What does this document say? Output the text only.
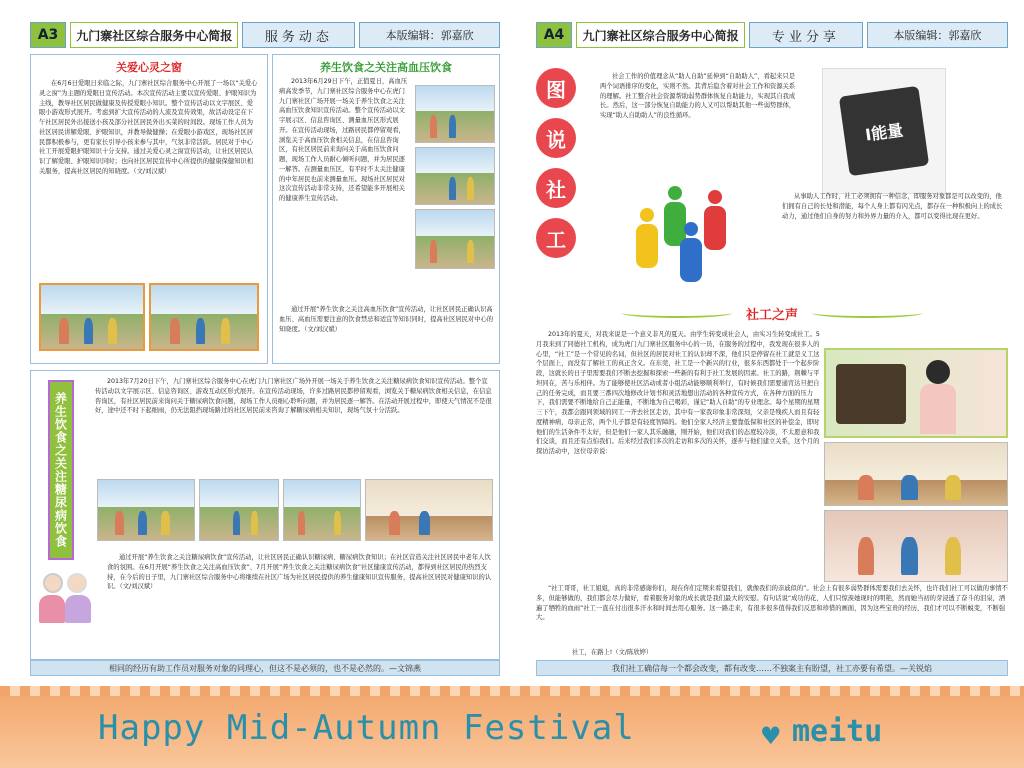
A3	九门寨社区综合服务中心简报	服务动态	本版编辑：郭嘉欣
关爱心灵之窗
在6月6日爱眼日来临之际，九门寨社区综合服务中心开展了一场以“关爱心灵之窗”为主题的爱眼日宣传活动。本次宣传活动主要以宣传爱眼、护眼知识为主线，教导社区居民做健康及传授爱眼小知识。整个宣传活动以文字展区、爱眼小游戏形式展开。考虑到扩大宣传活动的人流及宣传效果，故活动设定在下午社区居民外出接送小孩及部分社区居民外出买菜的时间段。现场工作人员为社区居民讲解爱眼、护眼知识，并教导做健操；在爱眼小游戏区，现场社区居民都积极参与，更有家长引导小孩来参与其中，气氛非常活跃。居民对于中心社工开展爱眼护眼知识十分支持。通过关爱心灵之窗宣传活动，让社区居民认识了解爱眼、护眼知识同时；也向社区居民宣传中心所提供的健康保健知识相关服务，提高社区居民的知晓度。（文/刘汉斌）
养生饮食之关注高血压饮食
2013年6月29日下午，正值夏日，高血压病高发季节，九门寨社区综合服务中心在虎门九门寨社区广场开展一场关于养生饮食之关注高血压饮食知识宣传活动。整个宣传活动以文字展示区、信息咨询区、测量血压区形式展开。在宣传活动现场，过路居民都停留观看，浏览关于高血压饮食相关信息，在信息咨询区，有社区居民前来询问关于高血压饮食问题，现场工作人员耐心倾听问题，并为居民逐一解答。在测量血压区，有平时不太关注健康的中年居民也前来测量血压。现场社区居民对这次宣传活动非常支持，还希望能多开展相关的健康养生宣传活动。
通过开展“养生饮食之关注高血压饮食”宣传活动，让社区居民正确认识高血压、高血压需要注意的饮食禁忌和适宜等知识同时，提高社区居民对中心的知晓度。（文/刘汉斌）
2013年7月20日下午，九门寨社区综合服务中心在虎门九门寨社区广场外开展一场关于养生饮食之关注糖尿病饮食知识宣传活动。整个宣传活动以文字展示区、信息咨询区、游戏互动区形式展开。在宣传活动现场，许多过路居民都停留观看，浏览关于糖尿病饮食相关信息，在信息咨询区，有社区居民前来询问关于糖尿病饮食问题，现场工作人员细心聆听问题，并为居民逐一解答。在活动开展过程中，即使天气情况不是很好，途中还不时下起细雨，仍无法阻挡现场路过的社区居民前来咨询了解糖尿病相关知识，现场气氛十分活跃。
通过开展“养生饮食之关注糖尿病饮食”宣传活动，让社区居民正确认识糖尿病、糖尿病饮食知识；在社区营造关注社区居民中老年人饮食的氛围。在6月开展“养生饮食之关注高血压饮食”、7月开展“养生饮食之关注糖尿病饮食”社区健康宣传活动，都得到社区居民的热烈支持，在今后的日子里，九门寨社区综合服务中心将继续在社区广场为社区居民提供的养生健康知识宣传服务，提高社区居民对健康知识的认识。（文/刘汉斌）
养生饮食之关注糖尿病饮食
相同的经历有助工作员对服务对象的同理心，但这不是必须的，也不是必然的。—文锦燕
A4	九门寨社区综合服务中心简报	专业分享	本版编辑：郭嘉欣
图
说
社
工
社会工作的价值理念从“助人自助”延伸到“自助助人”，看起来只是两个词语排序的变化，实则不然。其背后隐含着对社会工作和资源关系的理解。社工整合社会资源帮助弱势群体恢复自助能力，实现其自我成长。然后，这一部分恢复自助能力的人又可以帮助其他一些弱势群体，实现“助人自助助人”的良性循环。
I能量
从事助人工作时，社工必须拥有一种信念，即服务对象都是可以改变的，他们拥有自己的长处和潜能，每个人身上都有闪光点，都存在一种积极向上的成长动力，通过他们自身的努力和外界力量的介入，都可以变得比现在更好。
社工之声
2013年的夏天，对我来说是一个意义非凡的夏天。由学生转变成社会人，由实习生转变成社工。5月我来到了同德社工机构，成为虎门九门寨社区服务中心的一员，在服务的过程中，我发现在很多人的心里，“社工”是一个常见的名词，但社区的居民对社工的认识却不深，他们只是停留在社工就是义工这个层面上，而没有了解社工的真正含义。在东莞，社工是一个新兴的行业，很多东西都处于一个起步阶段，这就长的日子里需要我们不断去挖掘和探索一些新的有利于社工发展的因素。社工的路，荆棘与平坦同在，苦与乐相伴。为了能够使社区活动或者小组活动能够顺利举行，有时候我们需要通宵达旦把自己的任务完成，而且要三番四次地修改计划书和灵活地想出活动的各种宣传方式，在各种方面的压力下，我们需要不断地给自己正能量，不断地为自己喝彩，谨记“助人自助”的专业理念。每个星期的星期三下午，我都会跟同领域的同工一齐去社区走访，其中有一家我印象非常深刻，父亲是残疾人而且有轻度精神病，母亲正常，两个儿子都是有轻度智障的。他们全家人经济主要靠低保和社区的补偿金，即时他们的生活条件不太好，但是他们一家人其乐融融，刚开始，他们对我们的态度较冷淡，不太愿意和我们交谈，而且还有点怕我们。后来经过我们多次的走访和多次的关怀，逐步与他们建立关系，这个月的探访活动中，这位母亲说：
“社工哥哥，社工姐姐，真的非常感谢你们，现在你们定期来看望我们，就像我们的亲戚似的”。社会上有很多弱势群体需要我们去关怀，也许我们社工可以做的事情不多，但能够做的，我们都会尽力做好，看着服务对象的成长就是我们最大的安慰。有句话说“成功的花，人们只惊羡她现时的明艳，然而她当初的芽浸透了奋斗的泪泉，洒遍了牺牲的血雨”社工一直在付出很多汗水和时间去用心服务。这一路走来，有很多很多值得我们反思和珍惜的画面，因为这些宝贵的经历，我们才可以不断蜕变，不断强大。
社工，在路上!（文/陈欣婷）
我们社工确信每一个都会改变，都有改变……不独案主有盼望，社工亦要有希望。—关锐焰
Happy Mid-Autumn Festival	♥ meitu
